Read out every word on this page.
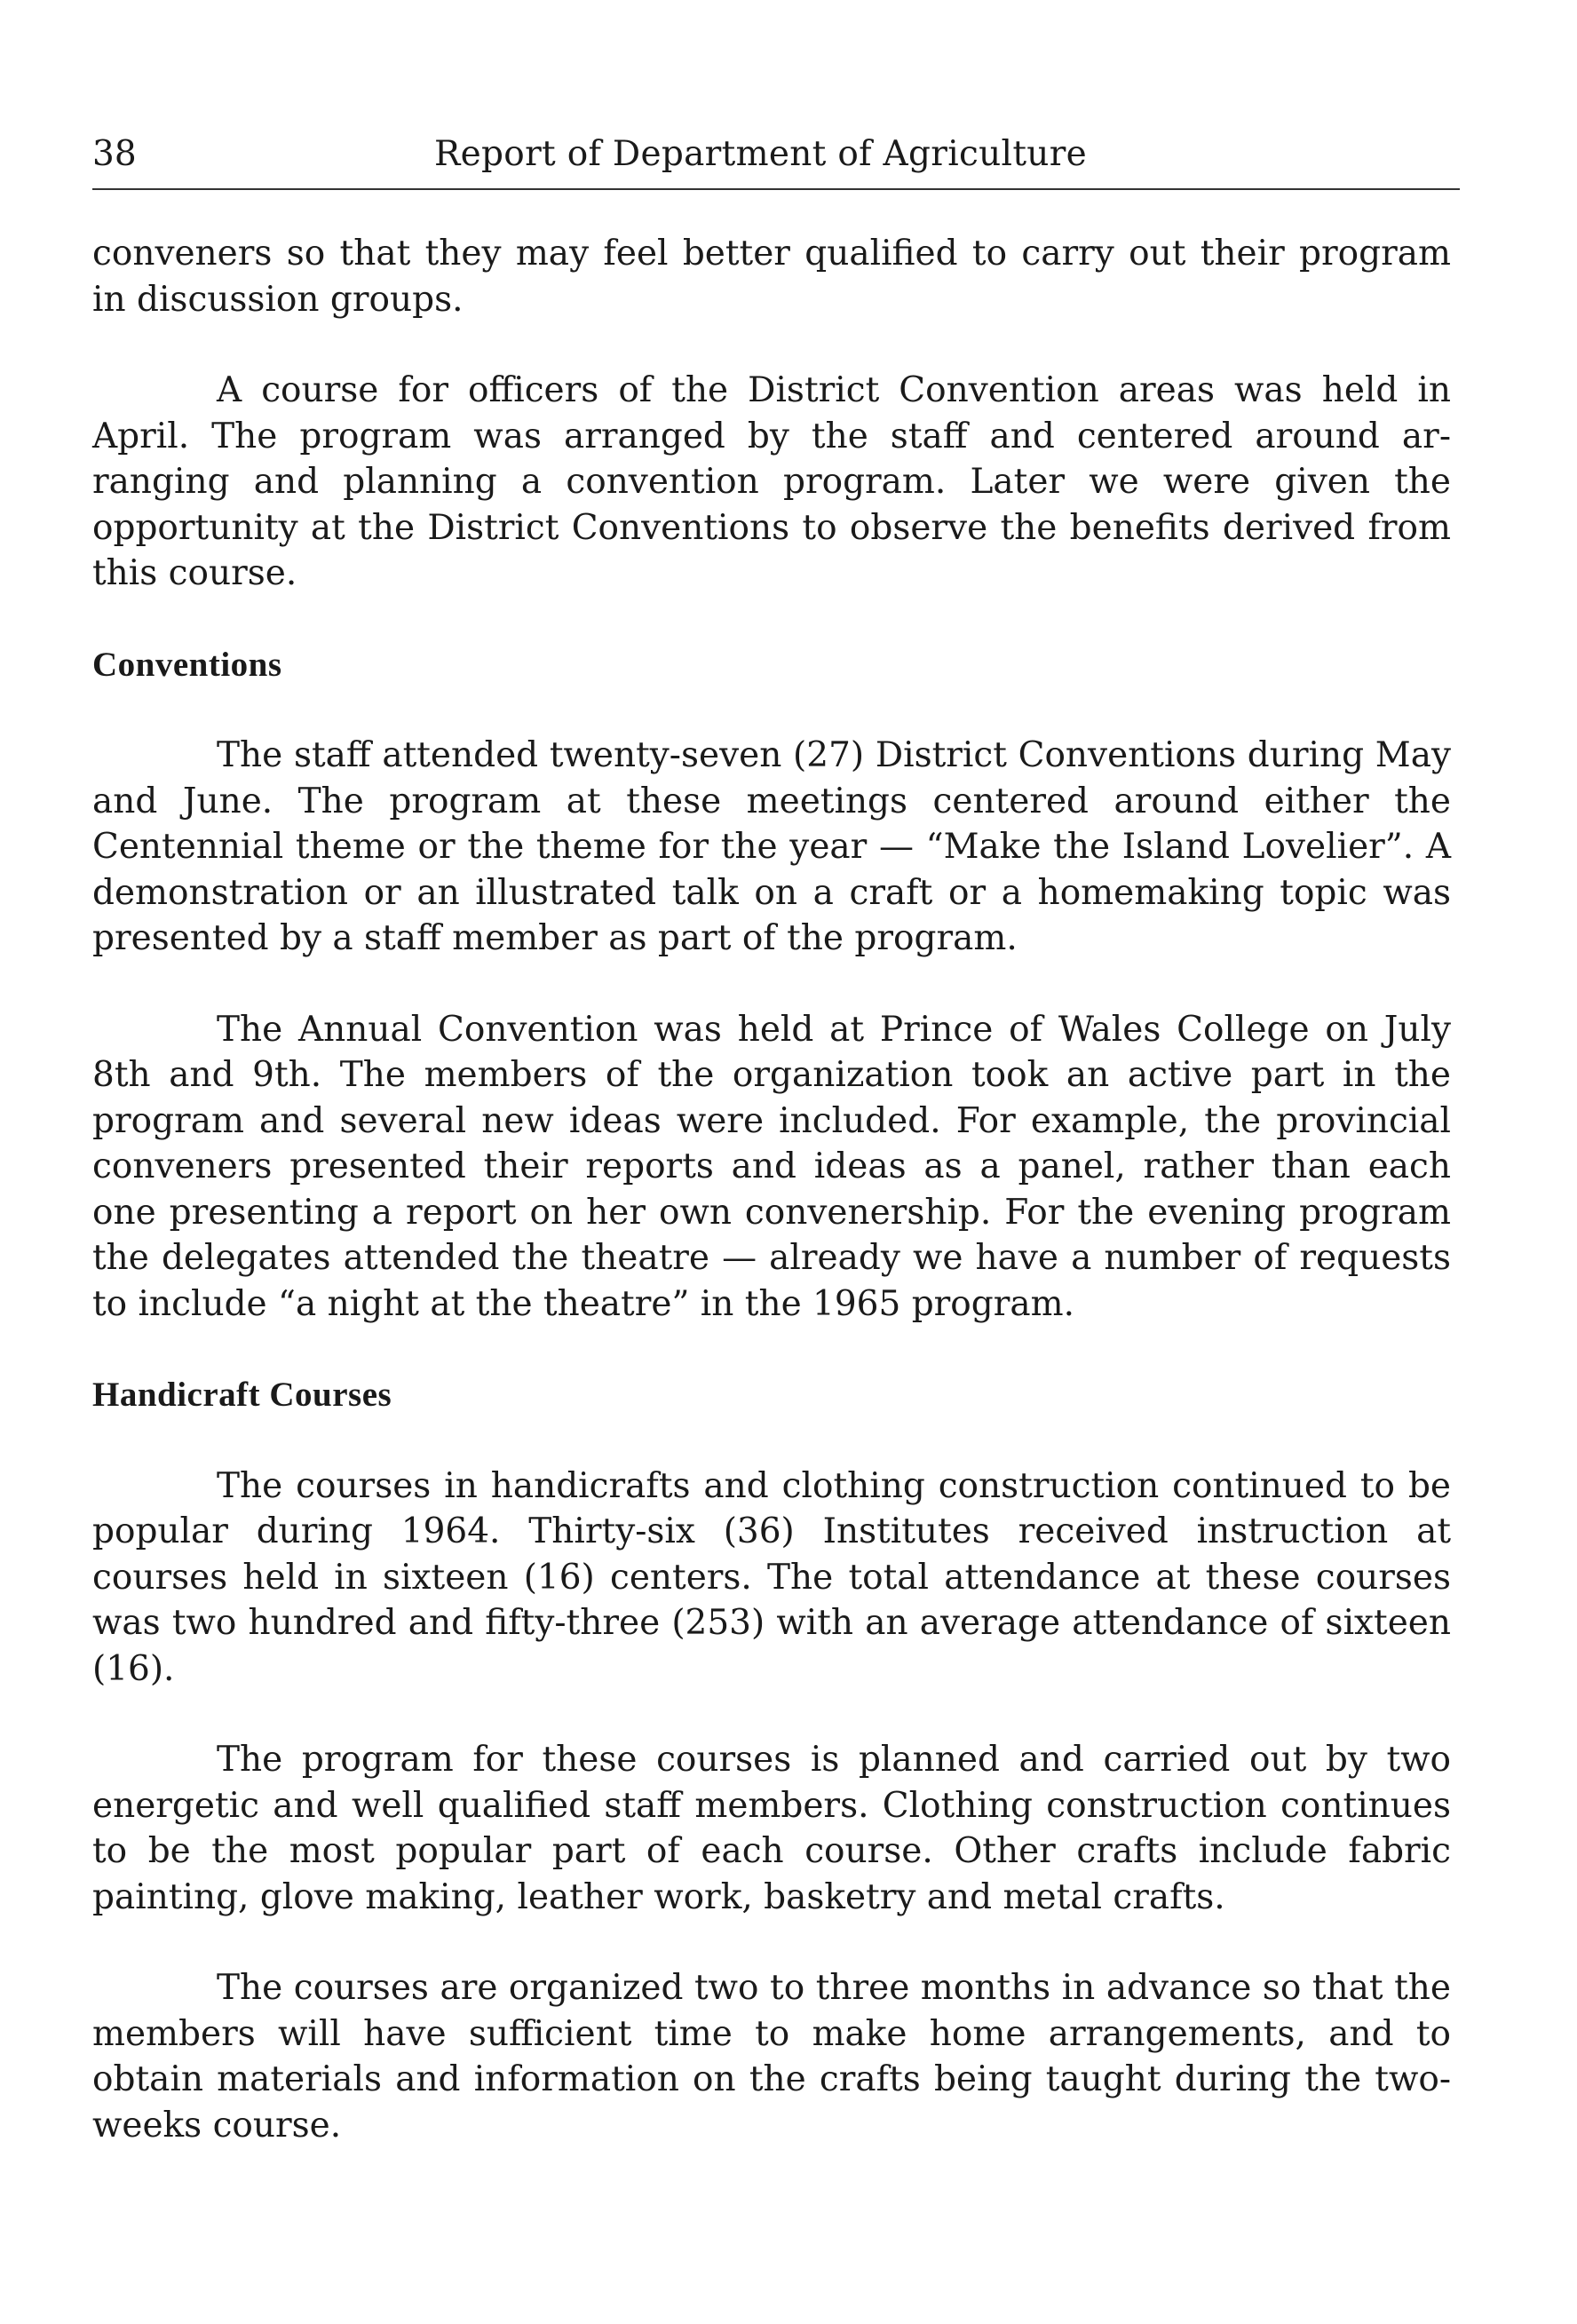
38	Report of Department of Agriculture

conveners so that they may feel better qualified to carry out their program in discussion groups.

A course for officers of the District Convention areas was held in April. The program was arranged by the staff and centered around arranging and planning a convention program. Later we were given the opportunity at the District Conventions to observe the benefits derived from this course.

Conventions

The staff attended twenty-seven (27) District Conventions during May and June. The program at these meetings centered around either the Centennial theme or the theme for the year — “Make the Island Lovelier”. A demonstration or an illustrated talk on a craft or a homemaking topic was presented by a staff member as part of the program.

The Annual Convention was held at Prince of Wales College on July 8th and 9th. The members of the organization took an active part in the program and several new ideas were included. For example, the provincial conveners presented their reports and ideas as a panel, rather than each one presenting a report on her own convenership. For the evening program the delegates attended the theatre — already we have a number of requests to include “a night at the theatre” in the 1965 program.

Handicraft Courses

The courses in handicrafts and clothing construction continued to be popular during 1964. Thirty-six (36) Institutes received instruction at courses held in sixteen (16) centers. The total attendance at these courses was two hundred and fifty-three (253) with an average attendance of sixteen (16).

The program for these courses is planned and carried out by two energetic and well qualified staff members. Clothing construction continues to be the most popular part of each course. Other crafts include fabric painting, glove making, leather work, basketry and metal crafts.

The courses are organized two to three months in advance so that the members will have sufficient time to make home arrangements, and to obtain materials and information on the crafts being taught during the two-weeks course.
